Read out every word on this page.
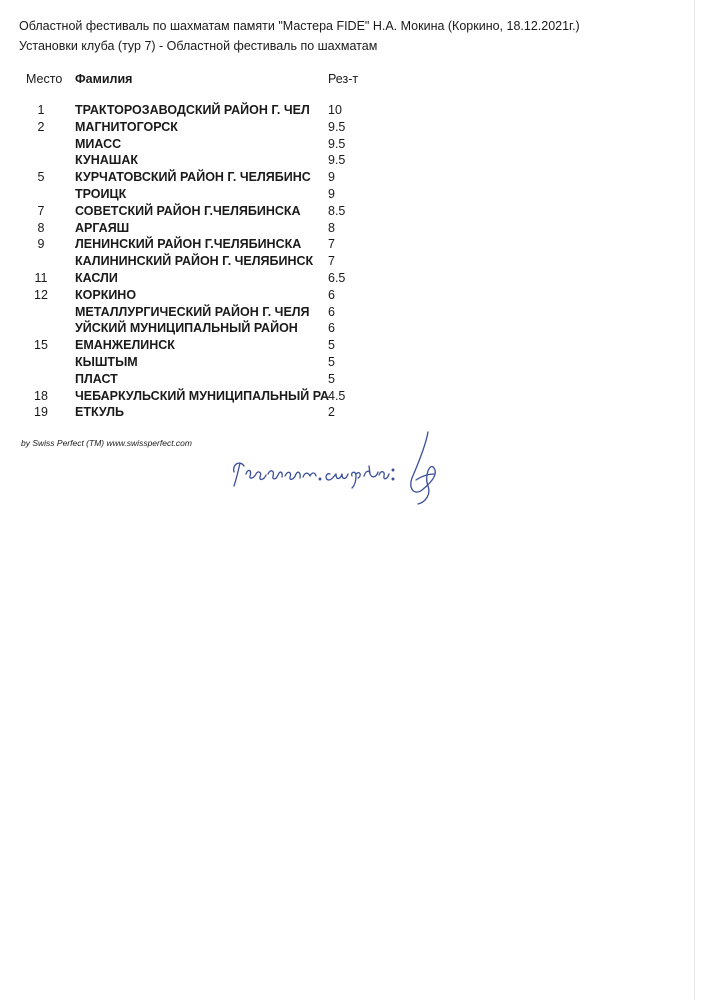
Областной фестиваль по шахматам памяти "Мастера FIDE" Н.А. Мокина (Коркино, 18.12.2021г.)
Установки клуба (тур 7) - Областной фестиваль по шахматам
Место Фамилия	Рез-т
1	ТРАКТОРОЗАВОДСКИЙ РАЙОН Г. ЧЕЛ 10
2	МАГНИТОГОРСК	9.5
МИАСС	9.5
КУНАШАК	9.5
5	КУРЧАТОВСКИЙ РАЙОН Г. ЧЕЛЯБИНС 9
ТРОИЦК	9
7	СОВЕТСКИЙ РАЙОН Г.ЧЕЛЯБИНСКА 8.5
8	АРГАЯШ	8
9	ЛЕНИНСКИЙ РАЙОН Г.ЧЕЛЯБИНСКА 7
КАЛИНИНСКИЙ РАЙОН Г. ЧЕЛЯБИНСК 7
11	КАСЛИ	6.5
12	КОРКИНО	6
МЕТАЛЛУРГИЧЕСКИЙ РАЙОН Г. ЧЕЛЯ 6
УЙСКИЙ МУНИЦИПАЛЬНЫЙ РАЙОН 6
15	ЕМАНЖЕЛИНСК	5
КЫШТЫМ	5
ПЛАСТ	5
18	ЧЕБАРКУЛЬСКИЙ МУНИЦИПАЛЬНЫЙ РА 4.5
19	ЕТКУЛЬ	2
by Swiss Perfect (TM) www.swissperfect.com
